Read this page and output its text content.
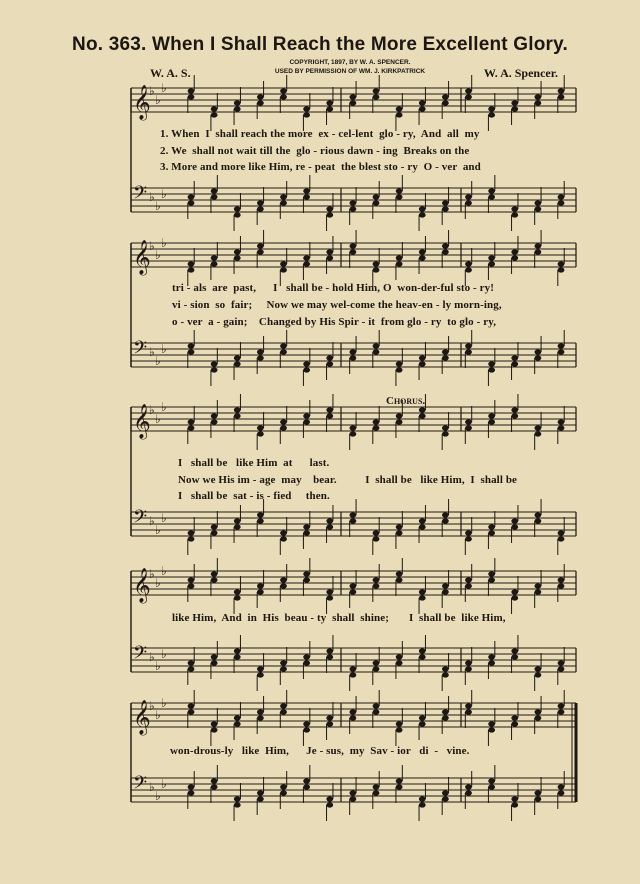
No. 363. When I Shall Reach the More Excellent Glory.
W. A. S.
COPYRIGHT, 1897, BY W. A. SPENCER.
USED BY PERMISSION OF WM. J. KIRKPATRICK	W. A. Spencer.
𝄞
♭
♭
♭
𝄢 ♭
♭
♭
𝄞
♭
♭
♭
𝄢 ♭
♭
♭
𝄞
♭
♭
♭
𝄢 ♭
♭
♭
𝄞
♭
♭
♭
𝄢 ♭
♭
♭
𝄞
♭
♭
♭
𝄢 ♭
♭
♭
1. When  I  shall reach the more  ex - cel-lent  glo - ry,  And  all  my
2. We  shall not wait till the  glo - rious dawn - ing  Breaks on the
3. More and more like Him, re - peat  the blest sto - ry  O - ver  and
tri - als  are  past,      I   shall be - hold Him, O  won-der-ful sto - ry!
vi - sion  so  fair;     Now we may wel-come the heav-en - ly morn-ing,
o - ver  a - gain;    Changed by His Spir - it  from glo - ry  to glo - ry,
Chorus.
I   shall be   like Him  at      last.
Now we His im - age  may    bear.          I  shall be   like Him,  I  shall be
I   shall be  sat - is - fied     then.
like Him,  And  in  His  beau - ty  shall  shine;       I  shall be  like Him,
won-drous-ly   like  Him,      Je - sus,  my  Sav - ior   di  -   vine.
